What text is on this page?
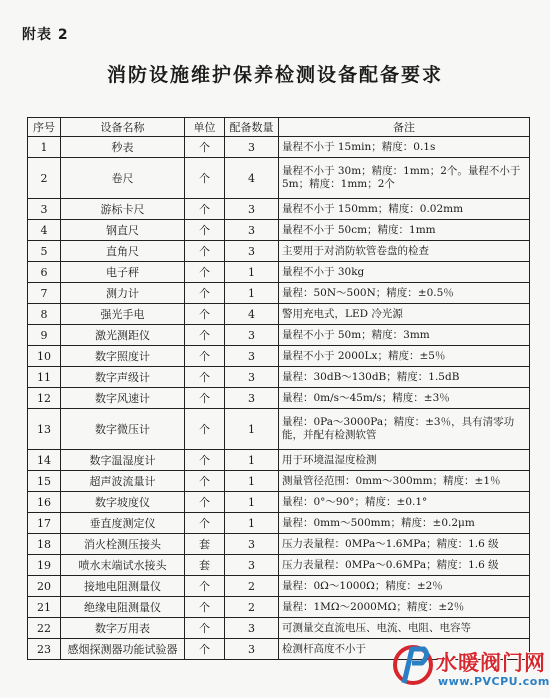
附表 2
消防设施维护保养检测设备配备要求
序号	设备名称	单位	配备数量	备注
1	秒表	个	3	量程不小于 15min；精度：0.1s
2	卷尺	个	4	量程不小于 30m；精度：1mm；2个。量程不小于 5m；精度：1mm；2个
3	游标卡尺	个	3	量程不小于 150mm；精度：0.02mm
4	钢直尺	个	3	量程不小于 50cm；精度：1mm
5	直角尺	个	3	主要用于对消防软管卷盘的检查
6	电子秤	个	1	量程不小于 30kg
7	测力计	个	1	量程：50N～500N；精度：±0.5％
8	强光手电	个	4	警用充电式，LED 冷光源
9	激光测距仪	个	3	量程不小于 50m；精度：3mm
10	数字照度计	个	3	量程不小于 2000Lx；精度：±5％
11	数字声级计	个	3	量程：30dB～130dB；精度：1.5dB
12	数字风速计	个	3	量程：0m/s～45m/s；精度：±3％
13	数字微压计	个	1	量程：0Pa～3000Pa；精度：±3％，具有清零功能，并配有检测软管
14	数字温湿度计	个	1	用于环境温湿度检测
15	超声波流量计	个	1	测量管径范围：0mm～300mm；精度：±1％
16	数字坡度仪	个	1	量程：0°～90°；精度：±0.1°
17	垂直度测定仪	个	1	量程：0mm～500mm；精度：±0.2μm
18	消火栓测压接头	套	3	压力表量程：0MPa～1.6MPa；精度：1.6 级
19	喷水末端试水接头	套	3	压力表量程：0MPa～0.6MPa；精度：1.6 级
20	接地电阻测量仪	个	2	量程：0Ω～1000Ω；精度：±2％
21	绝缘电阻测量仪	个	2	量程：1MΩ～2000MΩ；精度：±2％
22	数字万用表	个	3	可测量交直流电压、电流、电阻、电容等
23	感烟探测器功能试验器	个	3	检测杆高度不小于
水暖阀门网
www.PVCPU.com
